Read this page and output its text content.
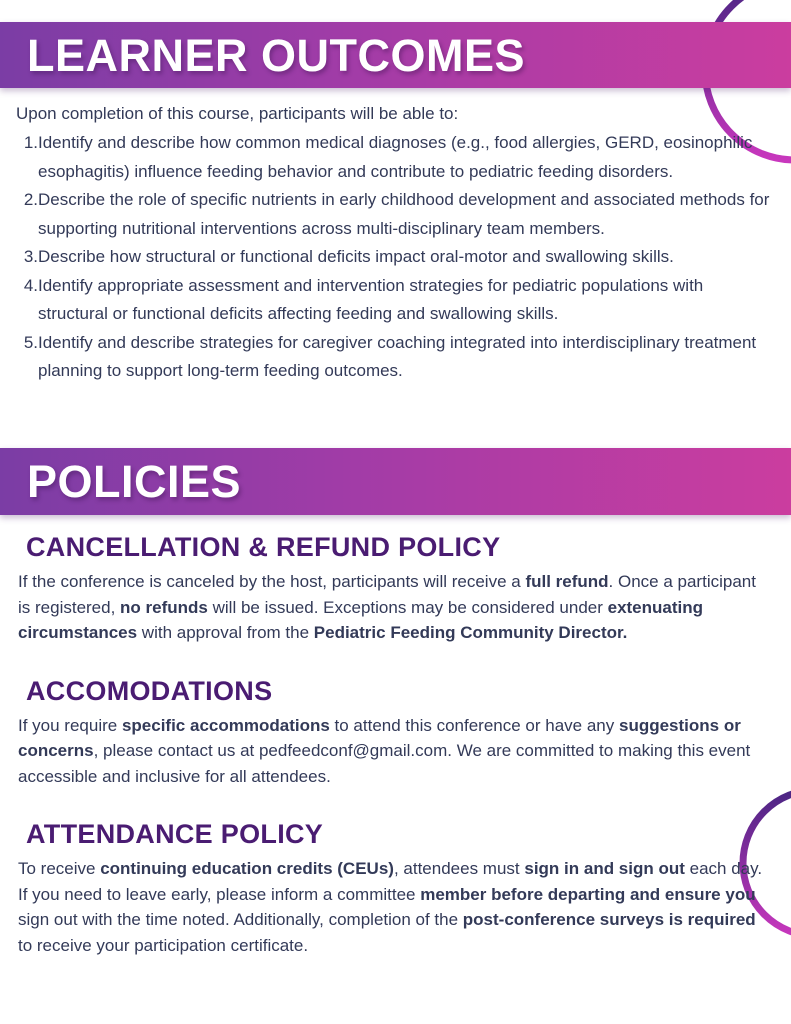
LEARNER OUTCOMES
Upon completion of this course, participants will be able to:
1. Identify and describe how common medical diagnoses (e.g., food allergies, GERD, eosinophilic esophagitis) influence feeding behavior and contribute to pediatric feeding disorders.
2. Describe the role of specific nutrients in early childhood development and associated methods for supporting nutritional interventions across multi-disciplinary team members.
3. Describe how structural or functional deficits impact oral-motor and swallowing skills.
4. Identify appropriate assessment and intervention strategies for pediatric populations with structural or functional deficits affecting feeding and swallowing skills.
5. Identify and describe strategies for caregiver coaching integrated into interdisciplinary treatment planning to support long-term feeding outcomes.
POLICIES
CANCELLATION & REFUND POLICY

If the conference is canceled by the host, participants will receive a full refund. Once a participant is registered, no refunds will be issued. Exceptions may be considered under extenuating circumstances with approval from the Pediatric Feeding Community Director.

ACCOMODATIONS

If you require specific accommodations to attend this conference or have any suggestions or concerns, please contact us at pedfeedconf@gmail.com. We are committed to making this event accessible and inclusive for all attendees.

ATTENDANCE POLICY

To receive continuing education credits (CEUs), attendees must sign in and sign out each day. If you need to leave early, please inform a committee member before departing and ensure you sign out with the time noted. Additionally, completion of the post-conference surveys is required to receive your participation certificate.
